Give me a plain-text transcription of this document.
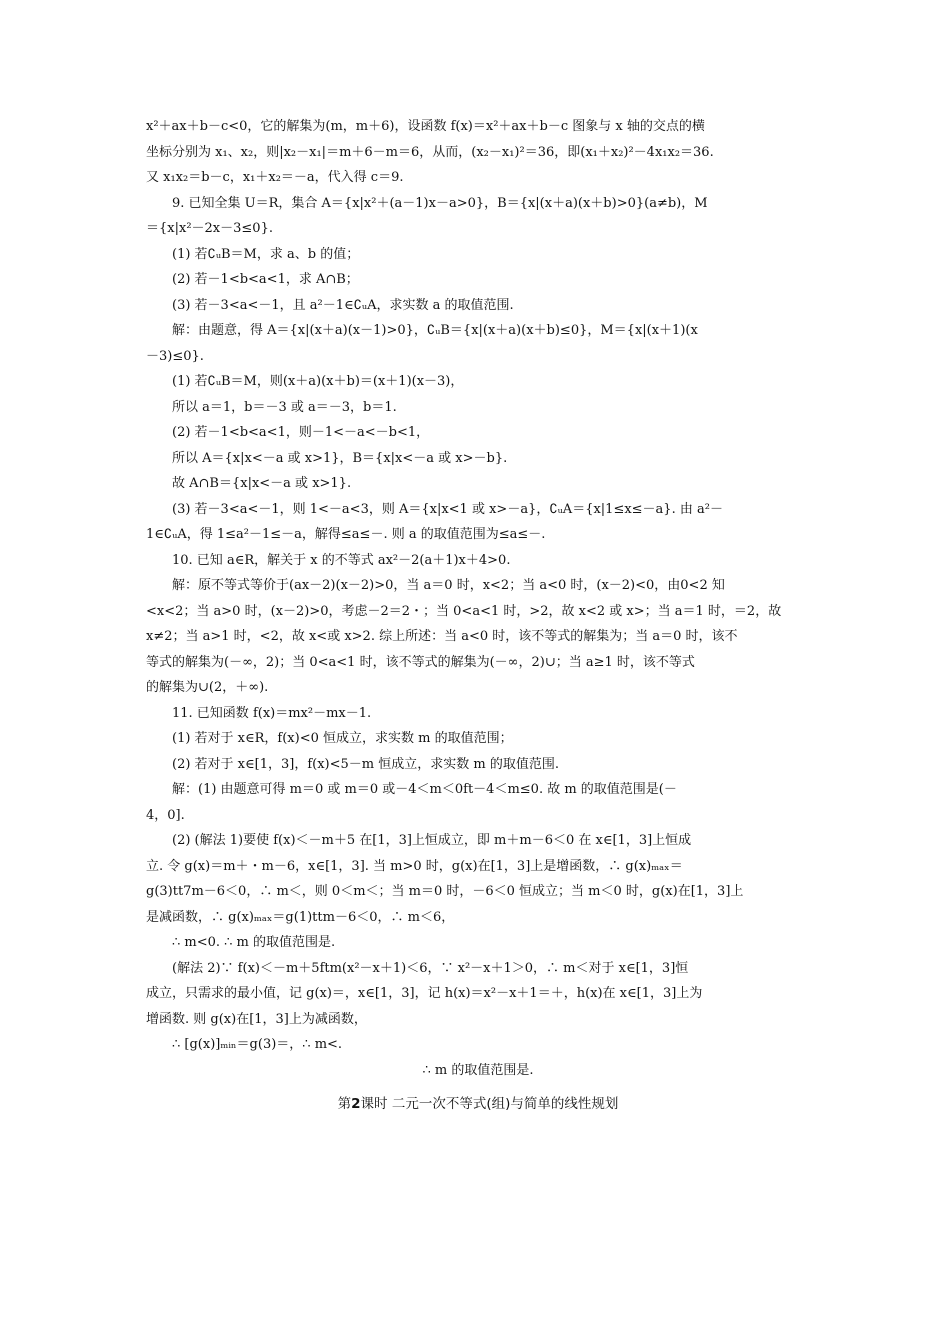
x²＋ax＋b－c<0，它的解集为(m，m＋6)，设函数 f(x)＝x²＋ax＋b－c 图象与 x 轴的交点的横
坐标分别为 x₁、x₂，则|x₂－x₁|＝m＋6－m＝6，从而，(x₂－x₁)²＝36，即(x₁＋x₂)²－4x₁x₂＝36.
又 x₁x₂＝b－c，x₁＋x₂＝－a，代入得 c＝9.
9. 已知全集 U＝R，集合 A＝{x|x²＋(a－1)x－a>0}，B＝{x|(x＋a)(x＋b)>0}(a≠b)，M
＝{x|x²－2x－3≤0}.
(1) 若∁ᵤB＝M，求 a、b 的值；
(2) 若－1<b<a<1，求 A∩B；
(3) 若－3<a<－1，且 a²－1∈∁ᵤA，求实数 a 的取值范围.
解：由题意，得 A＝{x|(x＋a)(x－1)>0}，∁ᵤB＝{x|(x＋a)(x＋b)≤0}，M＝{x|(x＋1)(x
－3)≤0}.
(1) 若∁ᵤB＝M，则(x＋a)(x＋b)＝(x＋1)(x－3)，
所以 a＝1，b＝－3 或 a＝－3，b＝1.
(2) 若－1<b<a<1，则－1<－a<－b<1，
所以 A＝{x|x<－a 或 x>1}，B＝{x|x<－a 或 x>－b}.
故 A∩B＝{x|x<－a 或 x>1}.
(3) 若－3<a<－1，则 1<－a<3，则 A＝{x|x<1 或 x>－a}，∁ᵤA＝{x|1≤x≤－a}. 由 a²－
1∈∁ᵤA，得 1≤a²－1≤－a，解得≤a≤－. 则 a 的取值范围为≤a≤－.
10. 已知 a∈R，解关于 x 的不等式 ax²－2(a＋1)x＋4>0.
解：原不等式等价于(ax－2)(x－2)>0，当 a＝0 时，x<2；当 a<0 时，(x－2)<0，由0<2 知
<x<2；当 a>0 时，(x－2)>0，考虑－2＝2・；当 0<a<1 时，>2，故 x<2 或 x>；当 a＝1 时，＝2，故
x≠2；当 a>1 时，<2，故 x<或 x>2. 综上所述：当 a<0 时，该不等式的解集为；当 a＝0 时，该不
等式的解集为(－∞，2)；当 0<a<1 时，该不等式的解集为(－∞，2)∪；当 a≥1 时，该不等式
的解集为∪(2，＋∞).
11. 已知函数 f(x)＝mx²－mx－1.
(1) 若对于 x∈R，f(x)<0 恒成立，求实数 m 的取值范围；
(2) 若对于 x∈[1，3]，f(x)<5－m 恒成立，求实数 m 的取值范围.
解：(1) 由题意可得 m＝0 或 m＝0 或－4＜m＜0ft－4＜m≤0. 故 m 的取值范围是(－
4，0].
(2) (解法 1)要使 f(x)＜－m＋5 在[1，3]上恒成立，即 m＋m－6＜0 在 x∈[1，3]上恒成
立. 令 g(x)＝m＋・m－6，x∈[1，3]. 当 m>0 时，g(x)在[1，3]上是增函数，∴ g(x)ₘₐₓ＝
g(3)tt7m－6＜0，∴ m＜，则 0＜m＜；当 m＝0 时，－6＜0 恒成立；当 m＜0 时，g(x)在[1，3]上
是减函数，∴ g(x)ₘₐₓ＝g(1)ttm－6＜0，∴ m＜6，
∴ m<0. ∴ m 的取值范围是.
(解法 2)∵ f(x)＜－m＋5ftm(x²－x＋1)＜6，∵ x²－x＋1＞0，∴ m＜对于 x∈[1，3]恒
成立，只需求的最小值，记 g(x)＝，x∈[1，3]，记 h(x)＝x²－x＋1＝＋，h(x)在 x∈[1，3]上为
增函数. 则 g(x)在[1，3]上为减函数，
∴ [g(x)]ₘᵢₙ＝g(3)＝，∴ m<.
∴ m 的取值范围是.
第2课时 二元一次不等式(组)与简单的线性规划
